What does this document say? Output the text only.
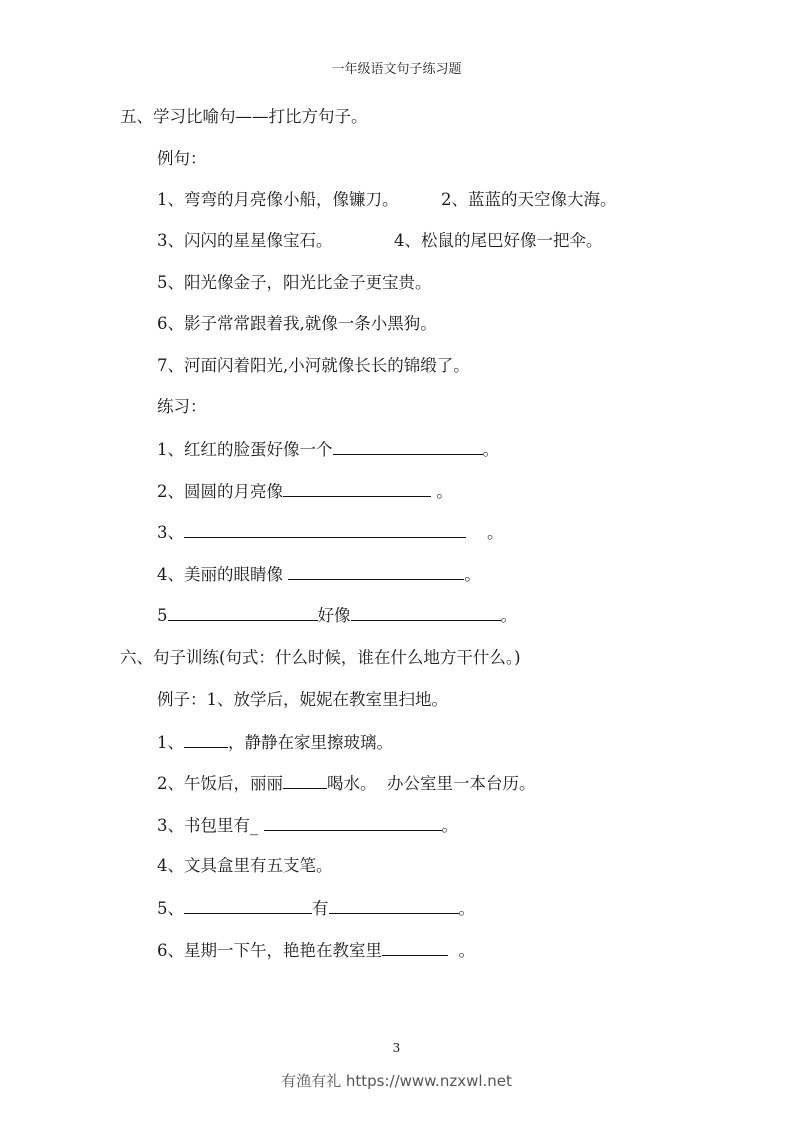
一年级语文句子练习题
五、学习比喻句——打比方句子。
例句：
1、弯弯的月亮像小船，像镰刀。	2、蓝蓝的天空像大海。
3、闪闪的星星像宝石。	4、松鼠的尾巴好像一把伞。
5、阳光像金子，阳光比金子更宝贵。
6、影子常常跟着我,就像一条小黑狗。
7、河面闪着阳光,小河就像长长的锦缎了。
练习：
1、红红的脸蛋好像一个	。
2、圆圆的月亮像	。
3、	。
4、美丽的眼睛像	。
5	好像	。
六、句子训练(句式：什么时候，谁在什么地方干什么。)
例子：1、放学后，妮妮在教室里扫地。
1、	，静静在家里擦玻璃。
2、午饭后，丽丽	喝水。 办公室里一本台历。
3、书包里有_	。
4、文具盒里有五支笔。
5、	有	。
6、星期一下午，艳艳在教室里	。
3
有渔有礼 https://www.nzxwl.net
